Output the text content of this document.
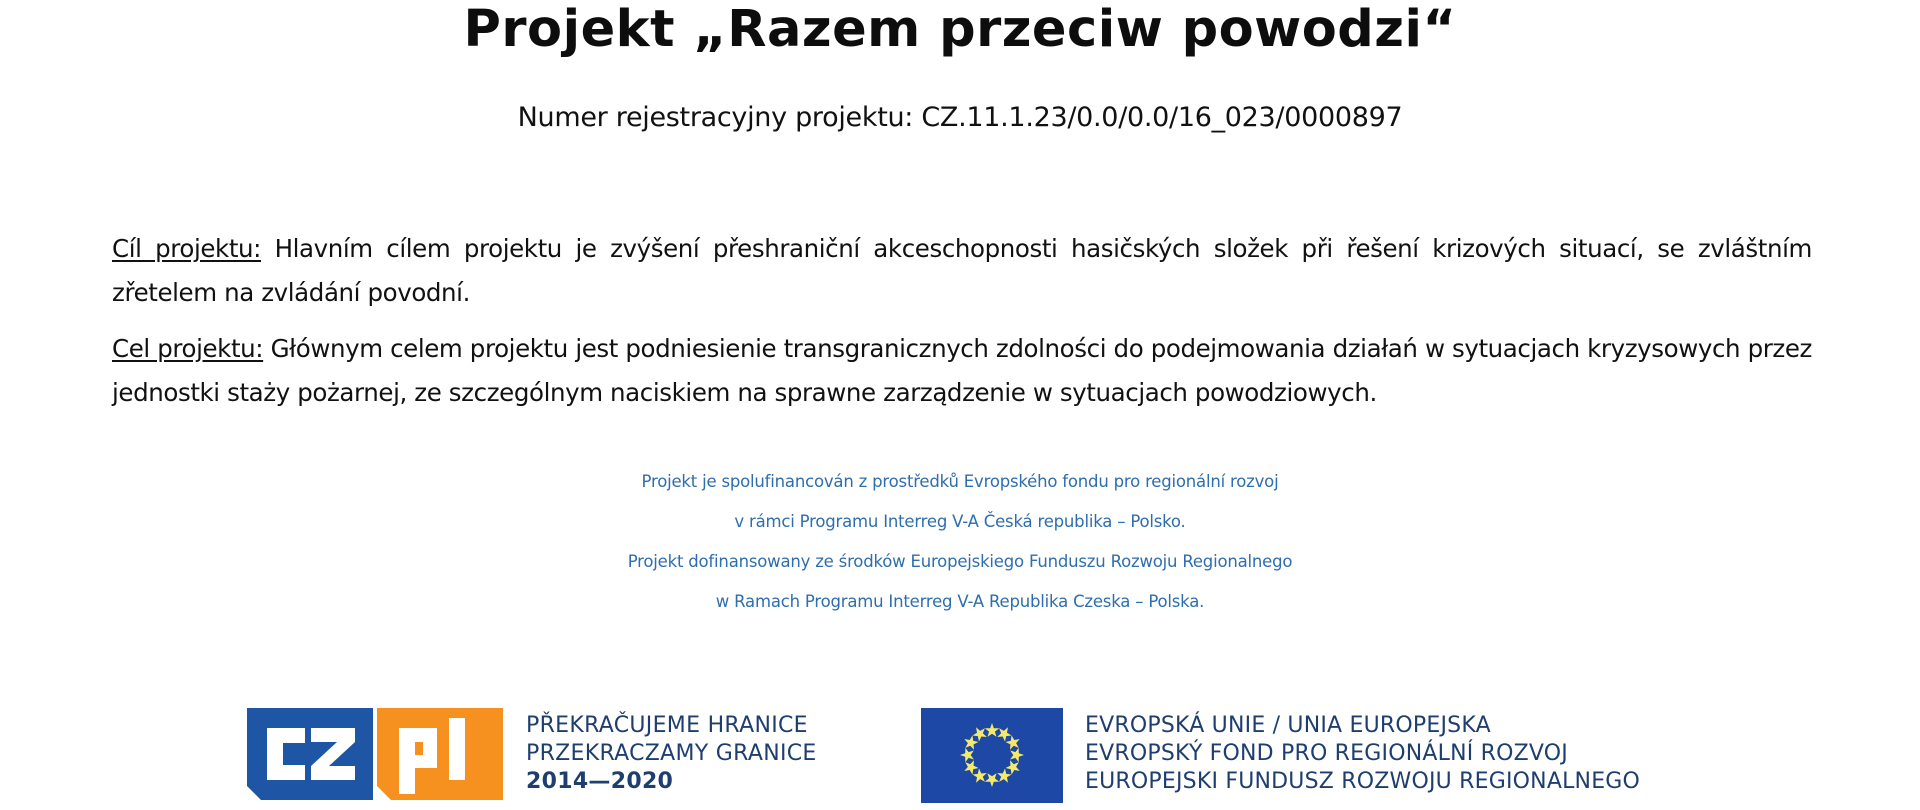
Projekt „Razem przeciw powodzi“
Numer rejestracyjny projektu: CZ.11.1.23/0.0/0.0/16_023/0000897

Cíl projektu: Hlavním cílem projektu je zvýšení přeshraniční akceschopnosti hasičských složek při řešení krizových situací, se zvláštním zřetelem na zvládání povodní.

Cel projektu: Głównym celem projektu jest podniesienie transgranicznych zdolności do podejmowania działań w sytuacjach kryzysowych przez jednostki staży pożarnej, ze szczególnym naciskiem na sprawne zarządzenie w sytuacjach powodziowych.

Projekt je spolufinancován z prostředků Evropského fondu pro regionální rozvoj
v rámci Programu Interreg V-A Česká republika – Polsko.
Projekt dofinansowany ze środków Europejskiego Funduszu Rozwoju Regionalnego
w Ramach Programu Interreg V-A Republika Czeska – Polska.
PŘEKRAČUJEME HRANICE
PRZEKRACZAMY GRANICE
2014—2020
EVROPSKÁ UNIE / UNIA EUROPEJSKA
EVROPSKÝ FOND PRO REGIONÁLNÍ ROZVOJ
EUROPEJSKI FUNDUSZ ROZWOJU REGIONALNEGO
